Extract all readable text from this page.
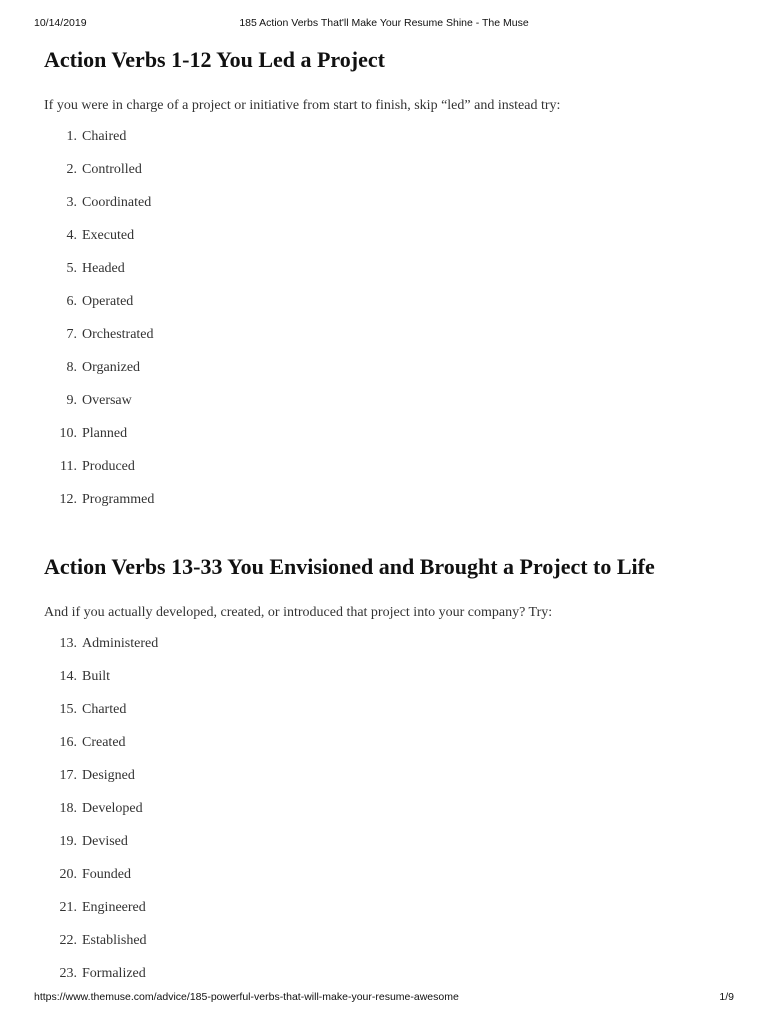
10/14/2019	185 Action Verbs That'll Make Your Resume Shine - The Muse
Action Verbs 1-12 You Led a Project

If you were in charge of a project or initiative from start to finish, skip “led” and instead try:

1. Chaired
2. Controlled
3. Coordinated
4. Executed
5. Headed
6. Operated
7. Orchestrated
8. Organized
9. Oversaw
10. Planned
11. Produced
12. Programmed
Action Verbs 13-33 You Envisioned and Brought a Project to Life

And if you actually developed, created, or introduced that project into your company? Try:

13. Administered
14. Built
15. Charted
16. Created
17. Designed
18. Developed
19. Devised
20. Founded
21. Engineered
22. Established
23. Formalized
https://www.themuse.com/advice/185-powerful-verbs-that-will-make-your-resume-awesome	1/9
